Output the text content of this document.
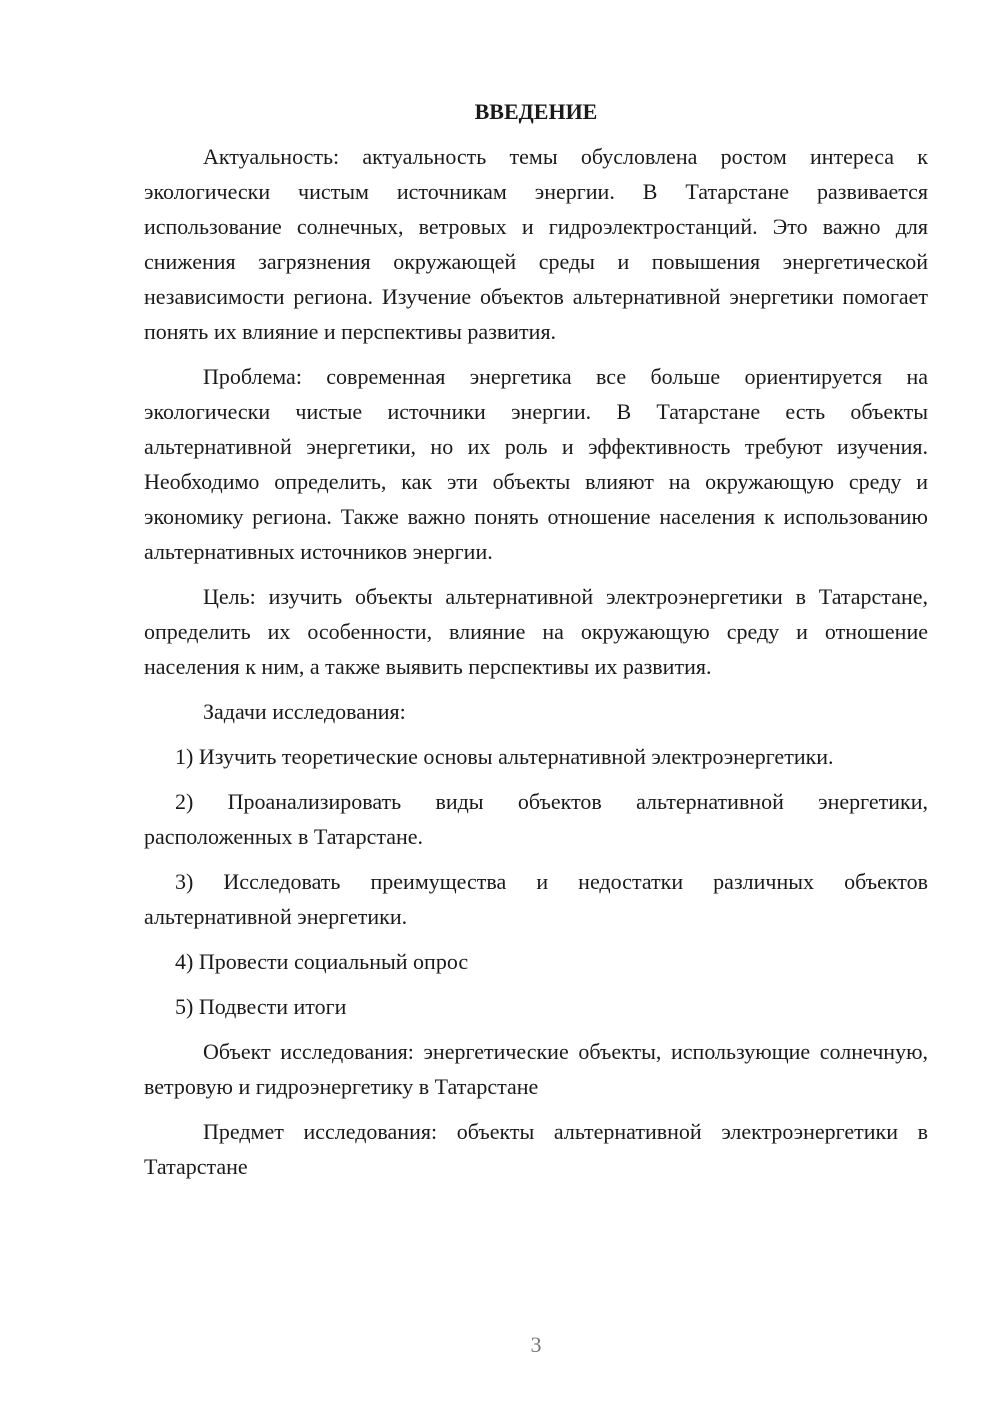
ВВЕДЕНИЕ

Актуальность: актуальность темы обусловлена ростом интереса к экологически чистым источникам энергии. В Татарстане развивается использование солнечных, ветровых и гидроэлектростанций. Это важно для снижения загрязнения окружающей среды и повышения энергетической независимости региона. Изучение объектов альтернативной энергетики помогает понять их влияние и перспективы развития.

Проблема: современная энергетика все больше ориентируется на экологически чистые источники энергии. В Татарстане есть объекты альтернативной энергетики, но их роль и эффективность требуют изучения. Необходимо определить, как эти объекты влияют на окружающую среду и экономику региона. Также важно понять отношение населения к использованию альтернативных источников энергии.

Цель: изучить объекты альтернативной электроэнергетики в Татарстане, определить их особенности, влияние на окружающую среду и отношение населения к ним, а также выявить перспективы их развития.

Задачи исследования:

1) Изучить теоретические основы альтернативной электроэнергетики.

2) Проанализировать виды объектов альтернативной энергетики, расположенных в Татарстане.

3) Исследовать преимущества и недостатки различных объектов альтернативной энергетики.

4) Провести социальный опрос

5) Подвести итоги

Объект исследования: энергетические объекты, использующие солнечную, ветровую и гидроэнергетику в Татарстане

Предмет исследования: объекты альтернативной электроэнергетики в Татарстане

3
